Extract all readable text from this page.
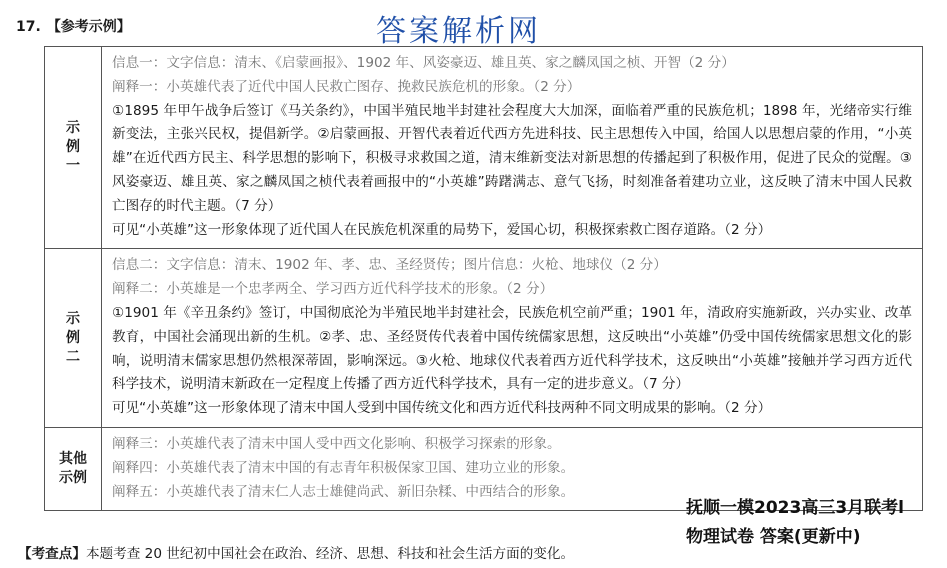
17. 【参考示例】	答案解析网
示例一	信息一：文字信息：清末、《启蒙画报》、1902 年、风姿豪迈、雄且英、家之麟凤国之桢、开智（2 分）
阐释一：小英雄代表了近代中国人民救亡图存、挽救民族危机的形象。（2 分）
①1895 年甲午战争后签订《马关条约》，中国半殖民地半封建社会程度大大加深，面临着严重的民族危机；1898 年，光绪帝实行维新变法，主张兴民权，提倡新学。②启蒙画报、开智代表着近代西方先进科技、民主思想传入中国，给国人以思想启蒙的作用，“小英雄”在近代西方民主、科学思想的影响下，积极寻求救国之道，清末维新变法对新思想的传播起到了积极作用，促进了民众的觉醒。③风姿豪迈、雄且英、家之麟凤国之桢代表着画报中的“小英雄”踌躇满志、意气飞扬，时刻准备着建功立业，这反映了清末中国人民救亡图存的时代主题。（7 分）
可见“小英雄”这一形象体现了近代国人在民族危机深重的局势下，爱国心切，积极探索救亡图存道路。（2 分）

示例二	信息二：文字信息：清末、1902 年、孝、忠、圣经贤传；图片信息：火枪、地球仪（2 分）
阐释二：小英雄是一个忠孝两全、学习西方近代科学技术的形象。（2 分）
①1901 年《辛丑条约》签订，中国彻底沦为半殖民地半封建社会，民族危机空前严重；1901 年，清政府实施新政，兴办实业、改革教育，中国社会涌现出新的生机。②孝、忠、圣经贤传代表着中国传统儒家思想，这反映出“小英雄”仍受中国传统儒家思想文化的影响，说明清末儒家思想仍然根深蒂固，影响深远。③火枪、地球仪代表着西方近代科学技术，这反映出“小英雄”接触并学习西方近代科学技术，说明清末新政在一定程度上传播了西方近代科学技术，具有一定的进步意义。（7 分）
可见“小英雄”这一形象体现了清末中国人受到中国传统文化和西方近代科技两种不同文明成果的影响。（2 分）

其他示例	阐释三：小英雄代表了清末中国人受中西文化影响、积极学习探索的形象。
阐释四：小英雄代表了清末中国的有志青年积极保家卫国、建功立业的形象。
阐释五：小英雄代表了清末仁人志士雄健尚武、新旧杂糅、中西结合的形象。
【考查点】本题考查 20 世纪初中国社会在政治、经济、思想、科技和社会生活方面的变化。
抚顺一模2023高三3月联考l
物理试卷 答案(更新中)
